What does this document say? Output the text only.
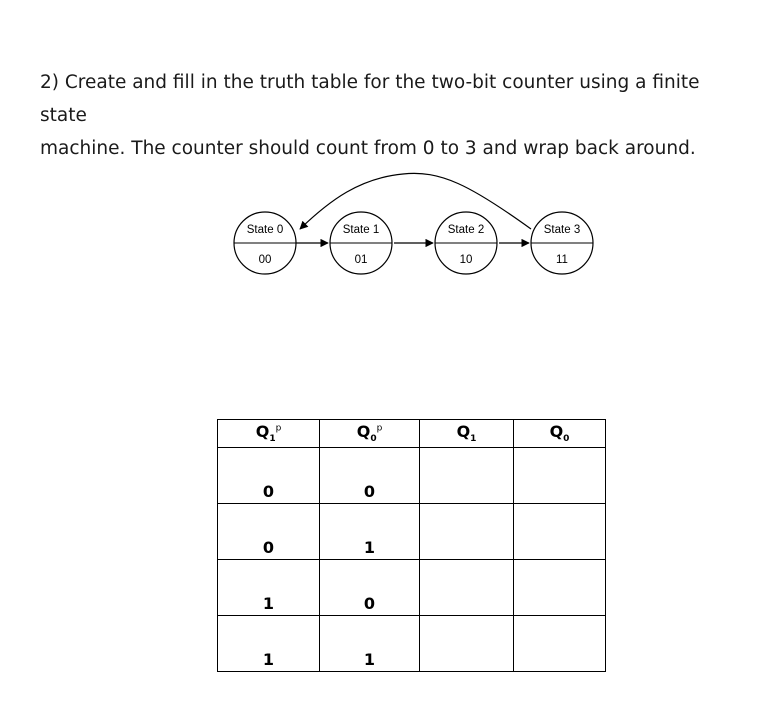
2) Create and fill in the truth table for the two-bit counter using a finite state

machine. The counter should count from 0 to 3 and wrap back around.

State 0
00
State 1
01
State 2
10
State 3
11
$Q_1^p$	$Q_0^p$	$Q_1$	$Q_0$
0	0		
0	1		
1	0		
1	1		
